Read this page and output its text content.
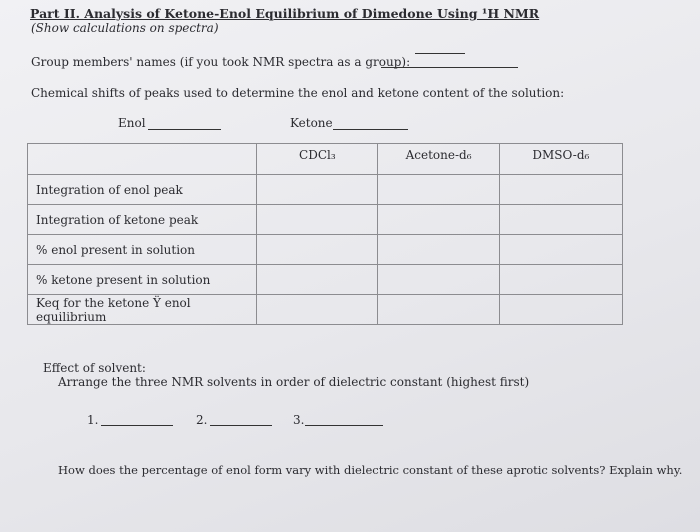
Part II. Analysis of Ketone-Enol Equilibrium of Dimedone Using ¹H NMR
(Show calculations on spectra)
Group members' names (if you took NMR spectra as a group):
Chemical shifts of peaks used to determine the enol and ketone content of the solution:
Enol	Ketone
	CDCl₃	Acetone-d₆	DMSO-d₆
Integration of enol peak			
Integration of ketone peak			
% enol present in solution			
% ketone present in solution			
Keq for the ketone Ÿ enol equilibrium			
Effect of solvent:
Arrange the three NMR solvents in order of dielectric constant (highest first)
1.	2.	3.
How does the percentage of enol form vary with dielectric constant of these aprotic solvents? Explain why.
